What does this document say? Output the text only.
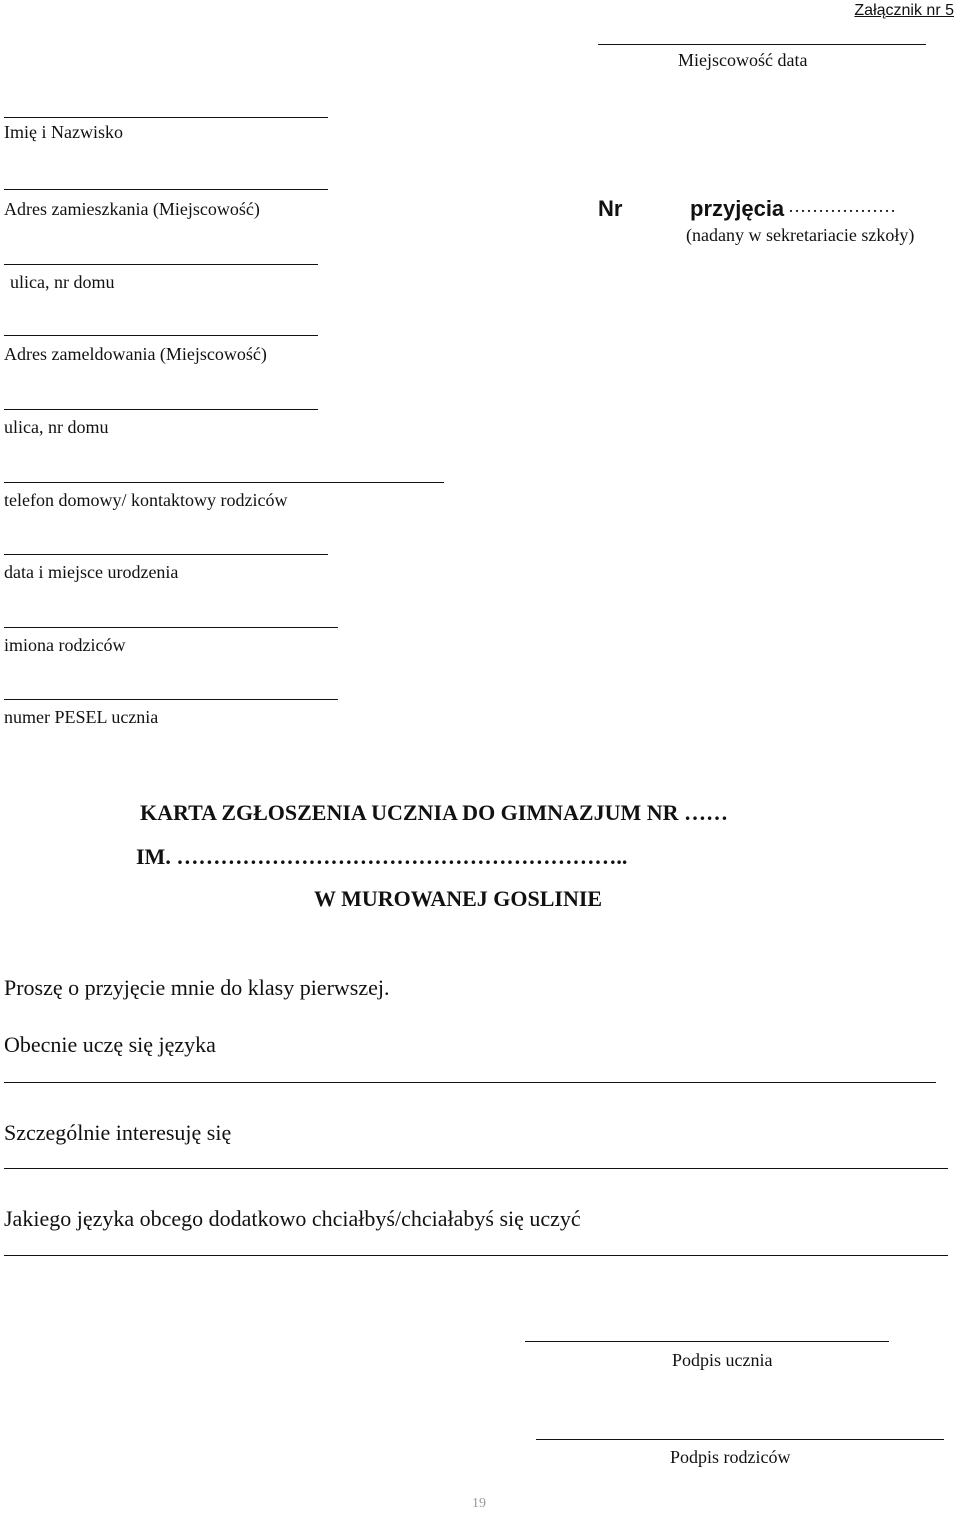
Załącznik nr 5
Miejscowość data
Imię i Nazwisko
Adres zamieszkania (Miejscowość)	Nr	przyjęcia ………………
(nadany w sekretariacie szkoły)
ulica, nr domu
Adres zameldowania (Miejscowość)
ulica, nr domu
telefon domowy/ kontaktowy rodziców
data i miejsce urodzenia
imiona rodziców
numer PESEL ucznia
KARTA ZGŁOSZENIA UCZNIA DO GIMNAZJUM NR ……
IM. ……………………………………………………..
W MUROWANEJ GOSLINIE
Proszę o przyjęcie mnie do klasy pierwszej.
Obecnie uczę się języka
Szczególnie interesuję się
Jakiego języka obcego dodatkowo chciałbyś/chciałabyś się uczyć
Podpis ucznia
Podpis rodziców
19
